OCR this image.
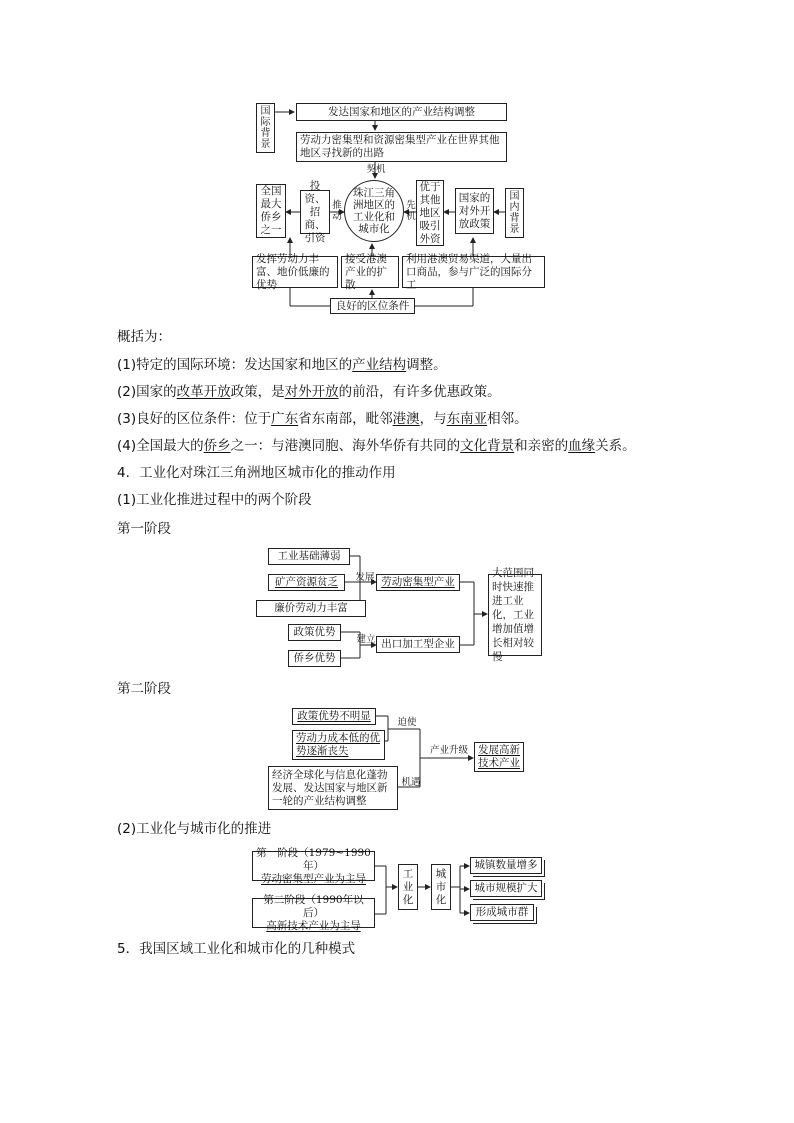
国际背景
发达国家和地区的产业结构调整
劳动力密集型和资源密集型产业在世界其他地区寻找新的出路
契机
全国最大侨乡之一
投资、招商、引资
推动
珠江三角洲地区的工业化和城市化
先机
优于其他地区吸引外资
国家的对外开放政策
国内背景
发挥劳动力丰富、地价低廉的优势
接受港澳产业的扩散
利用港澳贸易渠道，大量出口商品，参与广泛的国际分工
良好的区位条件
概括为：
(1)特定的国际环境：发达国家和地区的产业结构调整。
(2)国家的改革开放政策，是对外开放的前沿，有许多优惠政策。
(3)良好的区位条件：位于广东省东南部，毗邻港澳，与东南亚相邻。
(4)全国最大的侨乡之一：与港澳同胞、海外华侨有共同的文化背景和亲密的血缘关系。
4．工业化对珠江三角洲地区城市化的推动作用
(1)工业化推进过程中的两个阶段
第一阶段
工业基础薄弱
矿产资源贫乏
廉价劳动力丰富
发展 劳动密集型产业
政策优势
侨乡优势
建立 出口加工型企业
大范围同时快速推进工业化，工业增加值增长相对较慢
第二阶段
政策优势不明显
劳动力成本低的优势逐渐丧失
经济全球化与信息化蓬勃发展、发达国家与地区新一轮的产业结构调整
迫使
机遇
产业升级 发展高新技术产业
(2)工业化与城市化的推进
第一阶段（1979~1990年）
劳动密集型产业为主导
第二阶段（1990年以后）
高新技术产业为主导
工业化
城市化
城镇数量增多
城市规模扩大
形成城市群
5．我国区域工业化和城市化的几种模式
